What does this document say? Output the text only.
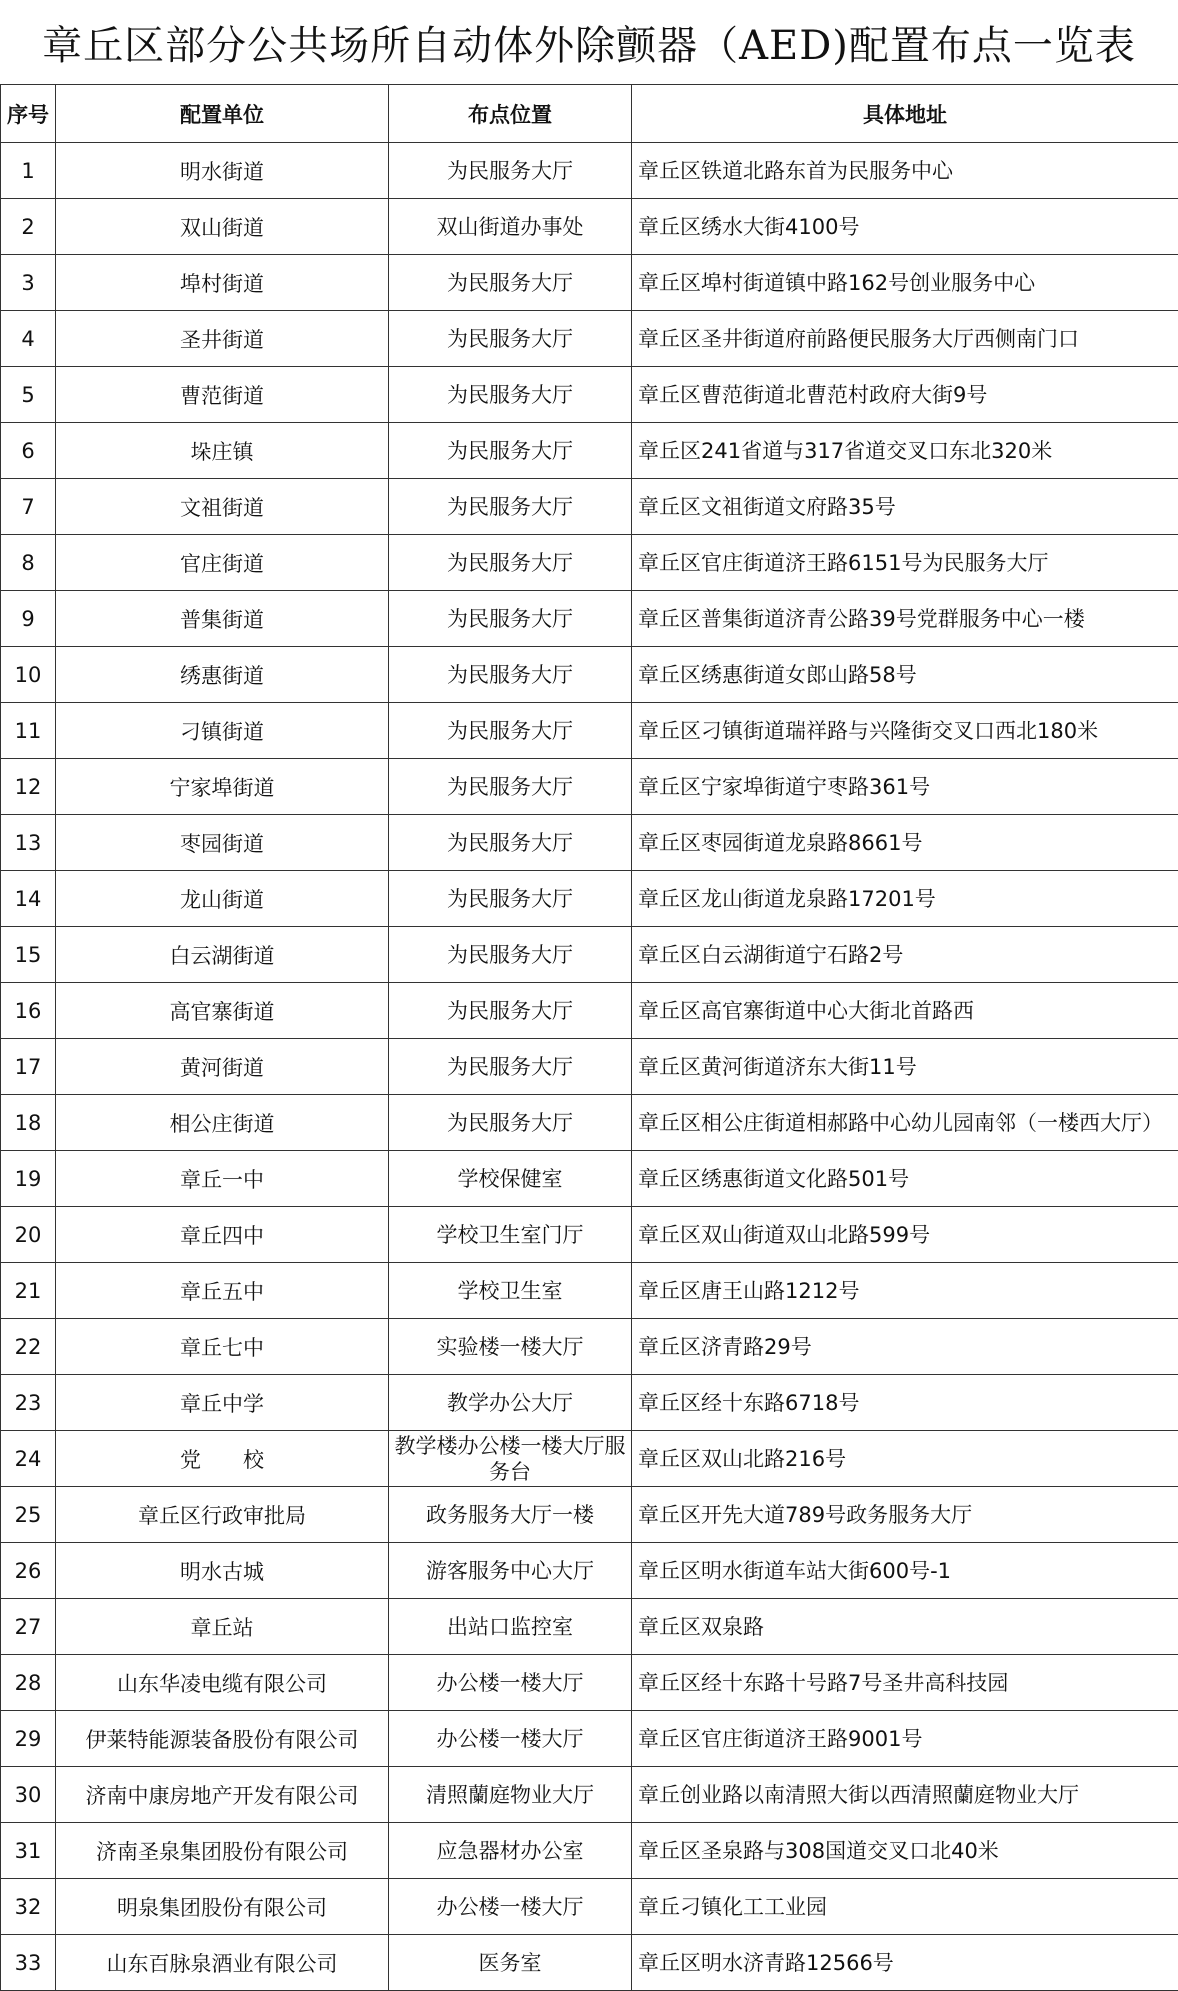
章丘区部分公共场所自动体外除颤器（AED)配置布点一览表
序号	配置单位	布点位置	具体地址
1	明水街道	为民服务大厅	章丘区铁道北路东首为民服务中心
2	双山街道	双山街道办事处	章丘区绣水大街4100号
3	埠村街道	为民服务大厅	章丘区埠村街道镇中路162号创业服务中心
4	圣井街道	为民服务大厅	章丘区圣井街道府前路便民服务大厅西侧南门口
5	曹范街道	为民服务大厅	章丘区曹范街道北曹范村政府大街9号
6	垛庄镇	为民服务大厅	章丘区241省道与317省道交叉口东北320米
7	文祖街道	为民服务大厅	章丘区文祖街道文府路35号
8	官庄街道	为民服务大厅	章丘区官庄街道济王路6151号为民服务大厅
9	普集街道	为民服务大厅	章丘区普集街道济青公路39号党群服务中心一楼
10	绣惠街道	为民服务大厅	章丘区绣惠街道女郎山路58号
11	刁镇街道	为民服务大厅	章丘区刁镇街道瑞祥路与兴隆街交叉口西北180米
12	宁家埠街道	为民服务大厅	章丘区宁家埠街道宁枣路361号
13	枣园街道	为民服务大厅	章丘区枣园街道龙泉路8661号
14	龙山街道	为民服务大厅	章丘区龙山街道龙泉路17201号
15	白云湖街道	为民服务大厅	章丘区白云湖街道宁石路2号
16	高官寨街道	为民服务大厅	章丘区高官寨街道中心大街北首路西
17	黄河街道	为民服务大厅	章丘区黄河街道济东大街11号
18	相公庄街道	为民服务大厅	章丘区相公庄街道相郝路中心幼儿园南邻（一楼西大厅）
19	章丘一中	学校保健室	章丘区绣惠街道文化路501号
20	章丘四中	学校卫生室门厅	章丘区双山街道双山北路599号
21	章丘五中	学校卫生室	章丘区唐王山路1212号
22	章丘七中	实验楼一楼大厅	章丘区济青路29号
23	章丘中学	教学办公大厅	章丘区经十东路6718号
24	党　　校	教学楼办公楼一楼大厅服务台	章丘区双山北路216号
25	章丘区行政审批局	政务服务大厅一楼	章丘区开先大道789号政务服务大厅
26	明水古城	游客服务中心大厅	章丘区明水街道车站大街600号-1
27	章丘站	出站口监控室	章丘区双泉路
28	山东华凌电缆有限公司	办公楼一楼大厅	章丘区经十东路十号路7号圣井高科技园
29	伊莱特能源装备股份有限公司	办公楼一楼大厅	章丘区官庄街道济王路9001号
30	济南中康房地产开发有限公司	清照蘭庭物业大厅	章丘创业路以南清照大街以西清照蘭庭物业大厅
31	济南圣泉集团股份有限公司	应急器材办公室	章丘区圣泉路与308国道交叉口北40米
32	明泉集团股份有限公司	办公楼一楼大厅	章丘刁镇化工工业园
33	山东百脉泉酒业有限公司	医务室	章丘区明水济青路12566号
